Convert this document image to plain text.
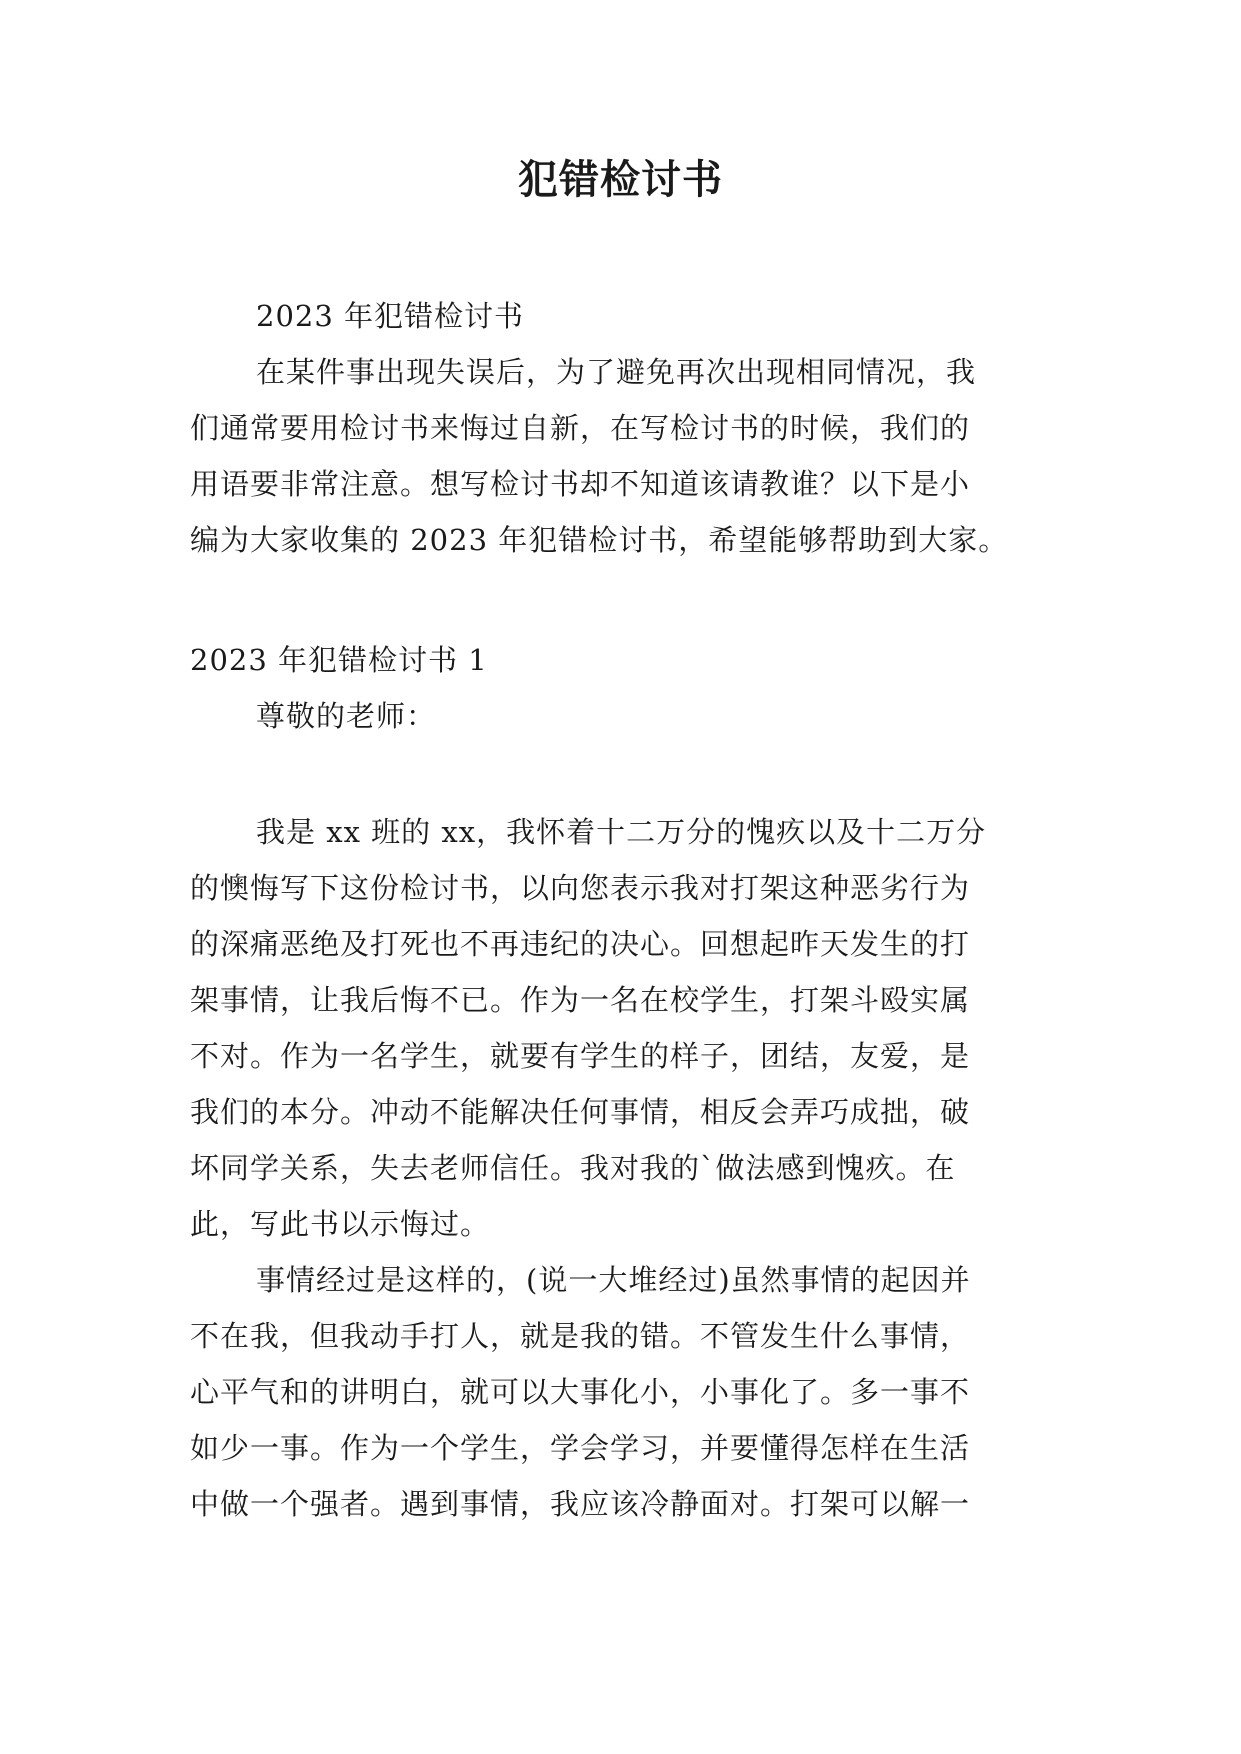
犯错检讨书
2023 年犯错检讨书
在某件事出现失误后，为了避免再次出现相同情况，我
们通常要用检讨书来悔过自新，在写检讨书的时候，我们的
用语要非常注意。想写检讨书却不知道该请教谁？以下是小
编为大家收集的 2023 年犯错检讨书，希望能够帮助到大家。
2023 年犯错检讨书 1
尊敬的老师：
我是 xx 班的 xx，我怀着十二万分的愧疚以及十二万分
的懊悔写下这份检讨书，以向您表示我对打架这种恶劣行为
的深痛恶绝及打死也不再违纪的决心。回想起昨天发生的打
架事情，让我后悔不已。作为一名在校学生，打架斗殴实属
不对。作为一名学生，就要有学生的样子，团结，友爱，是
我们的本分。冲动不能解决任何事情，相反会弄巧成拙，破
坏同学关系，失去老师信任。我对我的`做法感到愧疚。在
此，写此书以示悔过。
事情经过是这样的，(说一大堆经过)虽然事情的起因并
不在我，但我动手打人，就是我的错。不管发生什么事情，
心平气和的讲明白，就可以大事化小，小事化了。多一事不
如少一事。作为一个学生，学会学习，并要懂得怎样在生活
中做一个强者。遇到事情，我应该冷静面对。打架可以解一
